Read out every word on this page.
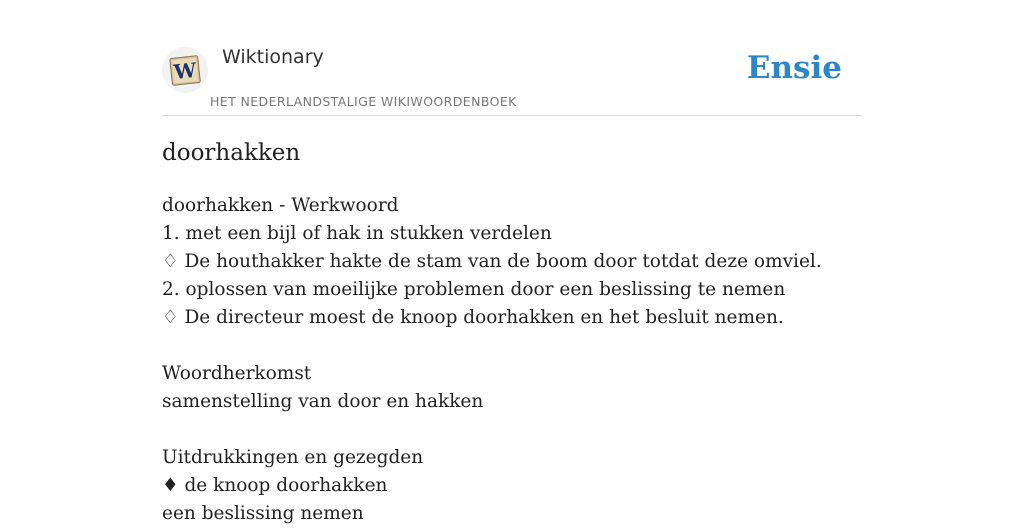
W
Wiktionary
HET NEDERLANDSTALIGE WIKIWOORDENBOEK
Ensie
doorhakken
doorhakken - Werkwoord
1. met een bijl of hak in stukken verdelen
♢ De houthakker hakte de stam van de boom door totdat deze omviel.
2. oplossen van moeilijke problemen door een beslissing te nemen
♢ De directeur moest de knoop doorhakken en het besluit nemen.
Woordherkomst
samenstelling van door en hakken
Uitdrukkingen en gezegden
♦ de knoop doorhakken
een beslissing nemen
